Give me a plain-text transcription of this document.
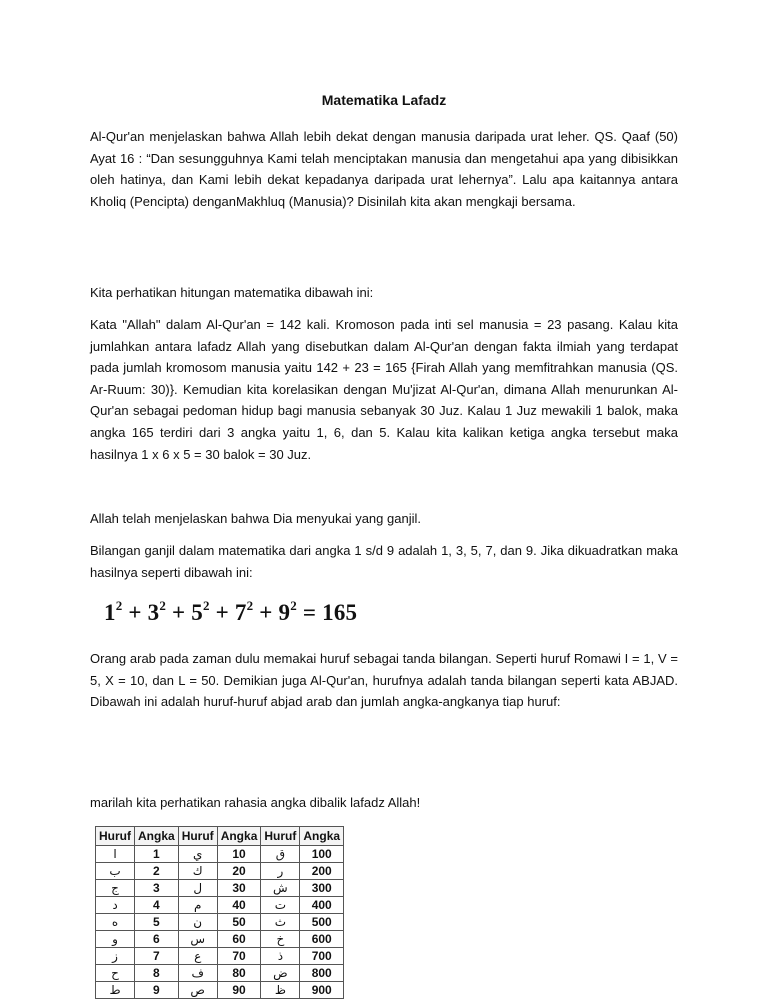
Matematika Lafadz

Al-Qur'an menjelaskan bahwa Allah lebih dekat dengan manusia daripada urat leher. QS. Qaaf (50) Ayat 16 : “Dan sesungguhnya Kami telah menciptakan manusia dan mengetahui apa yang dibisikkan oleh hatinya, dan Kami lebih dekat kepadanya daripada urat lehernya”. Lalu apa kaitannya antara Kholiq (Pencipta) denganMakhluq (Manusia)? Disinilah kita akan mengkaji bersama.

Kita perhatikan hitungan matematika dibawah ini:

Kata "Allah" dalam Al-Qur'an = 142 kali. Kromoson pada inti sel manusia = 23 pasang. Kalau kita jumlahkan antara lafadz Allah yang disebutkan dalam Al-Qur'an dengan fakta ilmiah yang terdapat pada jumlah kromosom manusia yaitu 142 + 23 = 165 {Firah Allah yang memfitrahkan manusia (QS. Ar-Ruum: 30)}. Kemudian kita korelasikan dengan Mu'jizat Al-Qur'an, dimana Allah menurunkan Al-Qur'an sebagai pedoman hidup bagi manusia sebanyak 30 Juz. Kalau 1 Juz mewakili 1 balok, maka angka 165 terdiri dari 3 angka yaitu 1, 6, dan 5. Kalau kita kalikan ketiga angka tersebut maka hasilnya 1 x 6 x 5 = 30 balok = 30 Juz.

Allah telah menjelaskan bahwa Dia menyukai yang ganjil.

Bilangan ganjil dalam matematika dari angka 1 s/d 9 adalah 1, 3, 5, 7, dan 9. Jika dikuadratkan maka hasilnya seperti dibawah ini:

$1^2 + 3^2 + 5^2 + 7^2 + 9^2 = 165$

Orang arab pada zaman dulu memakai huruf sebagai tanda bilangan. Seperti huruf Romawi I = 1, V = 5, X = 10, dan L = 50. Demikian juga Al-Qur'an, hurufnya adalah tanda bilangan seperti kata ABJAD. Dibawah ini adalah huruf-huruf abjad arab dan jumlah angka-angkanya tiap huruf:

marilah kita perhatikan rahasia angka dibalik lafadz Allah!

Huruf	Angka	Huruf	Angka	Huruf	Angka
ا	1	ي	10	ق	100
ب	2	ك	20	ر	200
ج	3	ل	30	ش	300
د	4	م	40	ت	400
ه	5	ن	50	ث	500
و	6	س	60	خ	600
ز	7	ع	70	ذ	700
ح	8	ف	80	ض	800
ط	9	ص	90	ظ	900
